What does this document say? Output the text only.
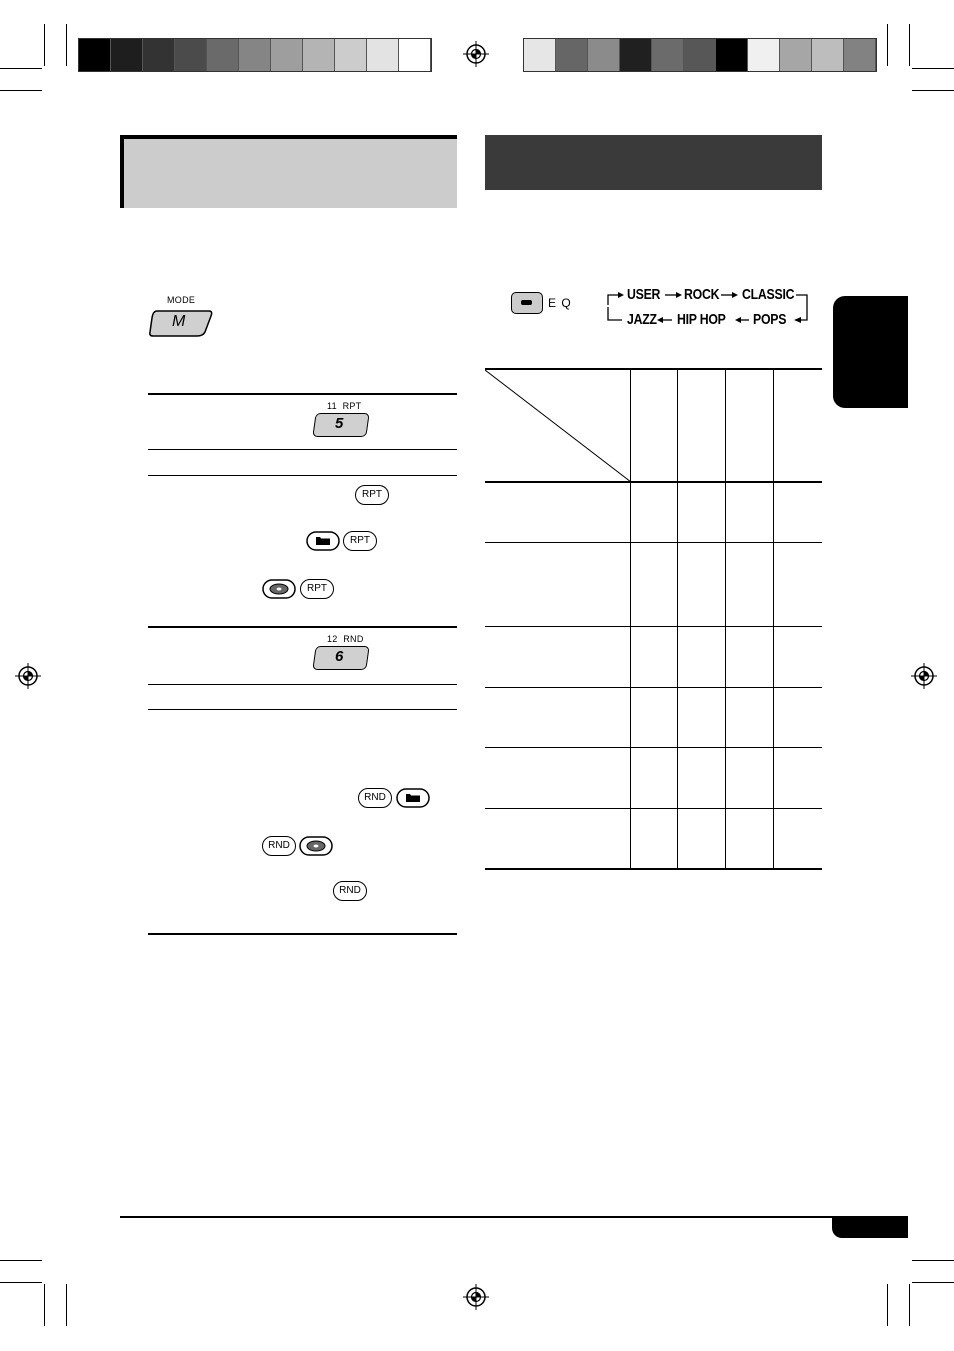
MODE
M
11 RPT
5
RPT
RPT
RPT
12 RND
6
RND
RND
RND
E Q	USER ROCK CLASSIC
JAZZ HIP HOP POPS
